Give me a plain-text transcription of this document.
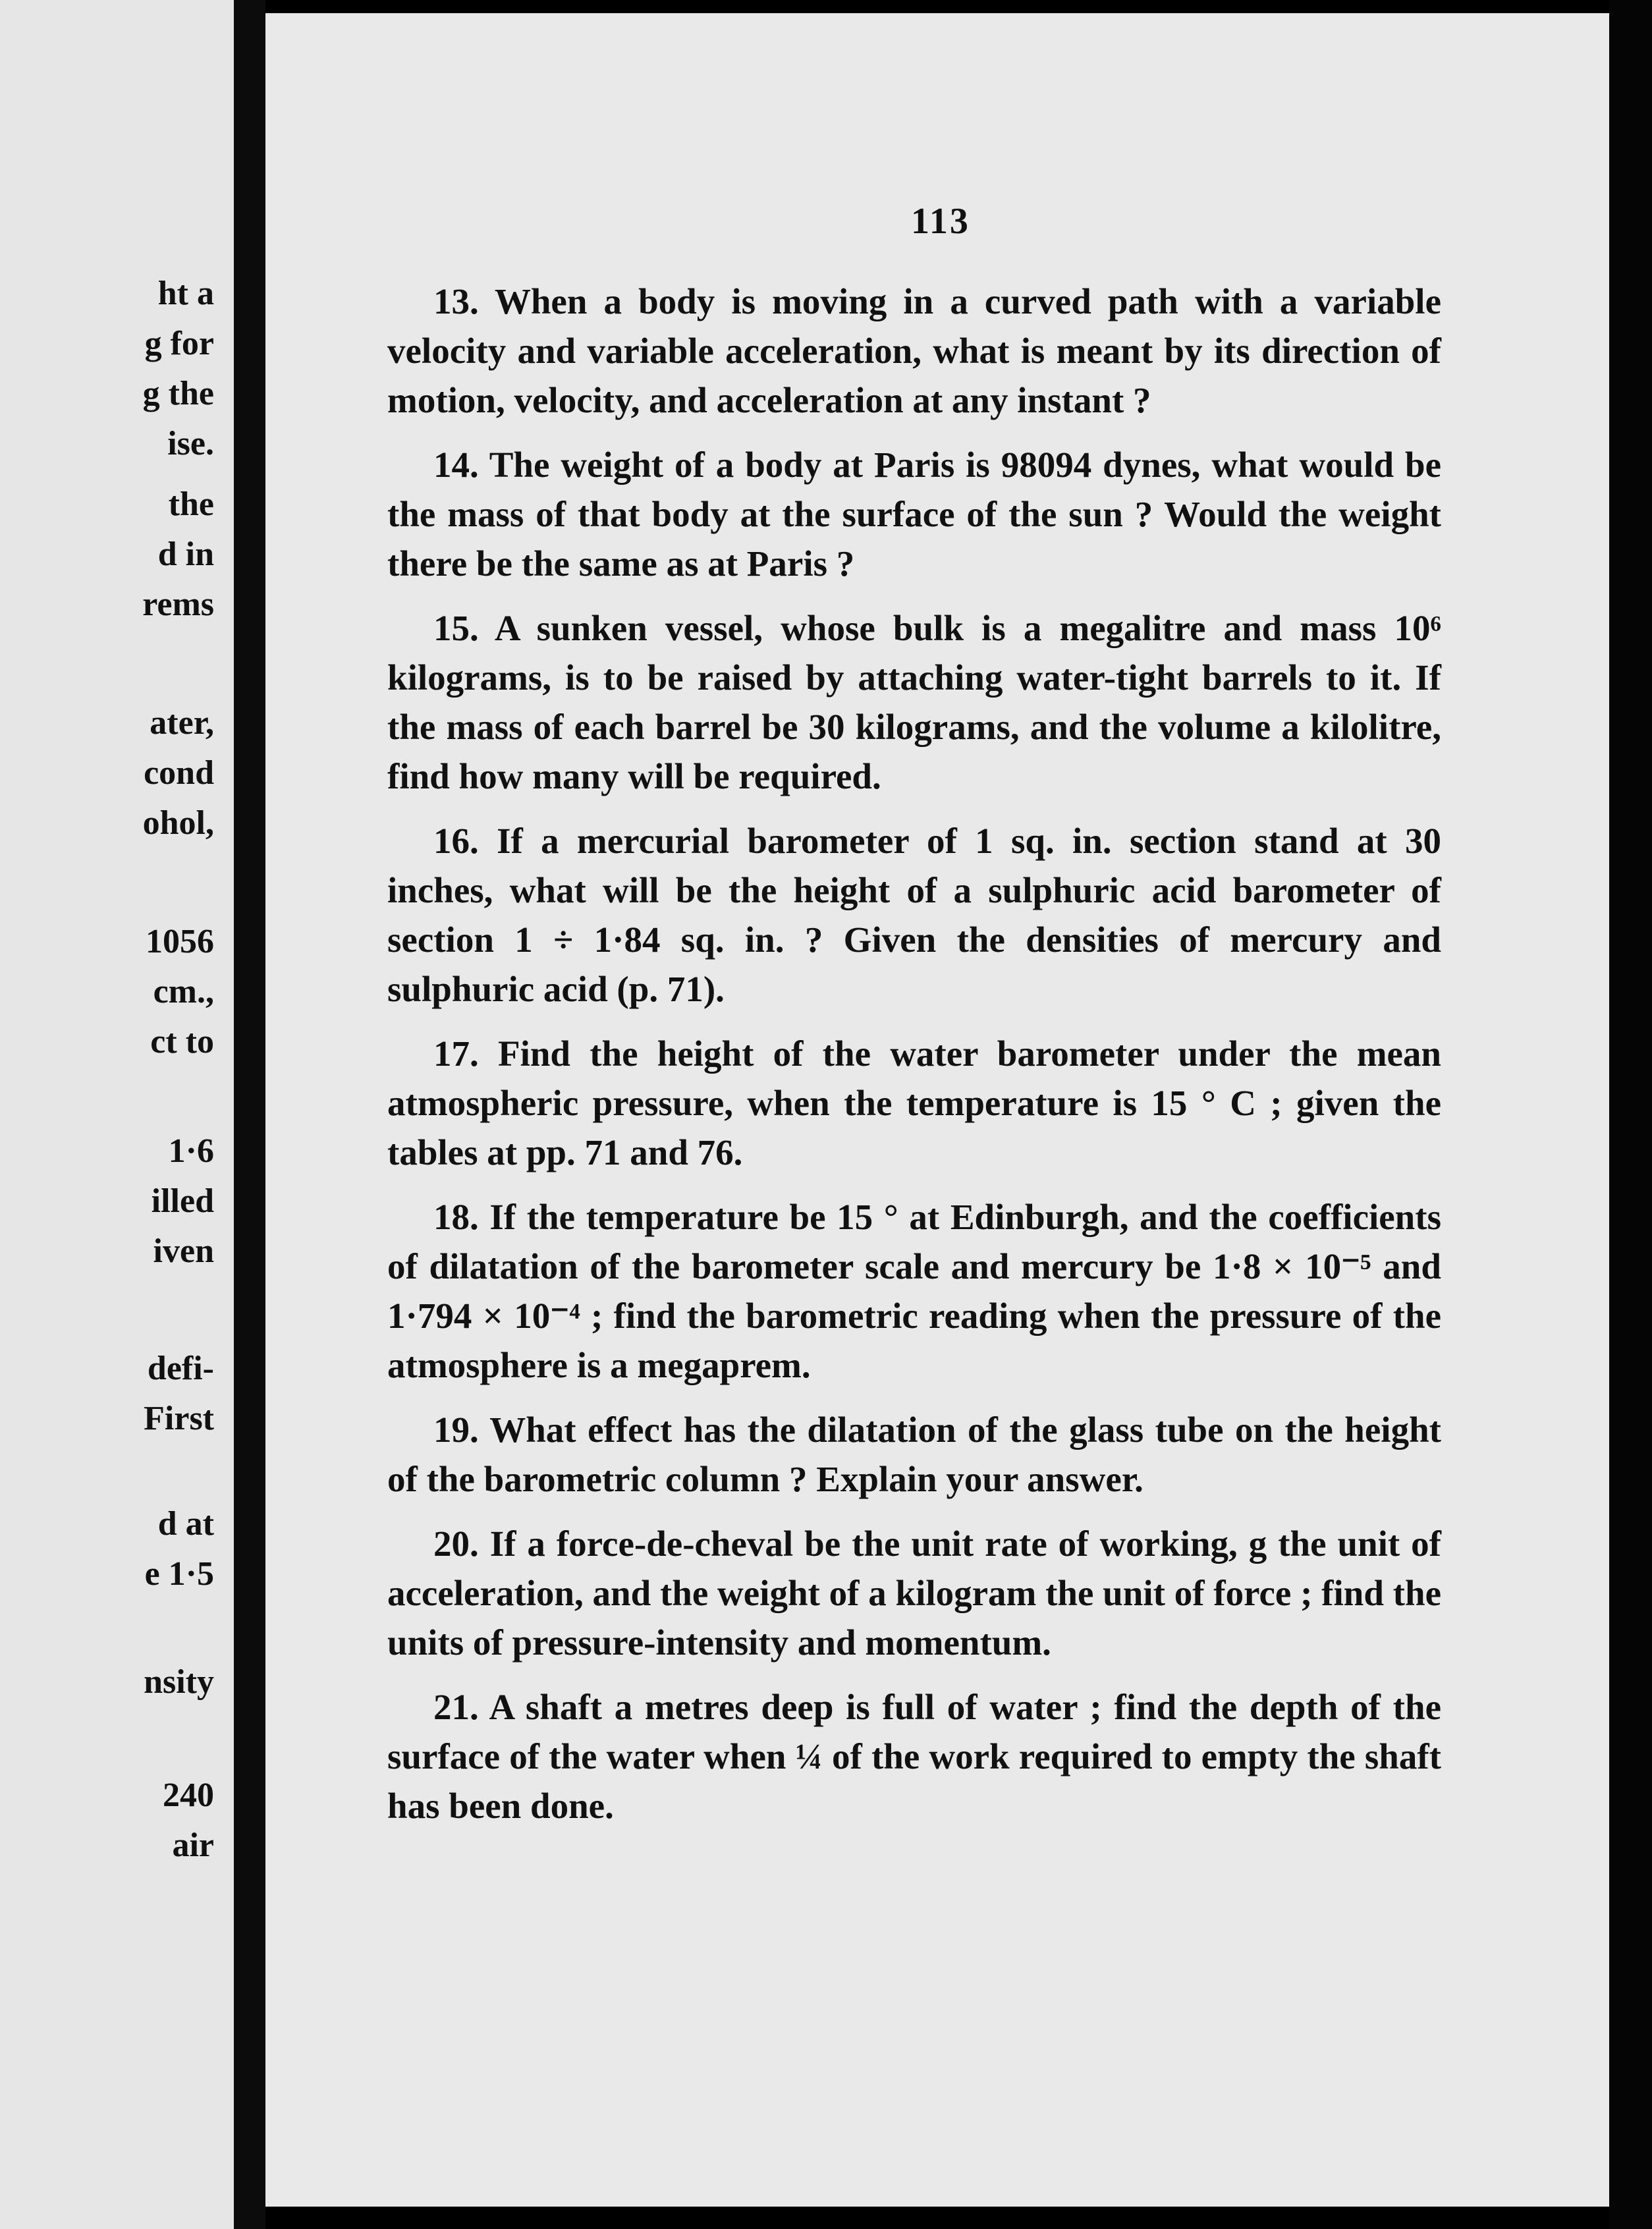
ht a
g for
g the
ise.
the
d in
rems
ater,
cond
ohol,
1056
cm.,
ct to
1·6
illed
iven
defi-
First
d at
e 1·5
nsity
240
air
113

13. When a body is moving in a curved path with a variable velocity and variable acceleration, what is meant by its direction of motion, velocity, and acceleration at any instant ?

14. The weight of a body at Paris is 98094 dynes, what would be the mass of that body at the surface of the sun ? Would the weight there be the same as at Paris ?

15. A sunken vessel, whose bulk is a megalitre and mass 10⁶ kilograms, is to be raised by attaching water-tight barrels to it. If the mass of each barrel be 30 kilograms, and the volume a kilolitre, find how many will be required.

16. If a mercurial barometer of 1 sq. in. section stand at 30 inches, what will be the height of a sulphuric acid barometer of section 1 ÷ 1·84 sq. in. ? Given the densities of mercury and sulphuric acid (p. 71).

17. Find the height of the water barometer under the mean atmospheric pressure, when the temperature is 15 ° C ; given the tables at pp. 71 and 76.

18. If the temperature be 15 ° at Edinburgh, and the coefficients of dilatation of the barometer scale and mercury be 1·8 × 10⁻⁵ and 1·794 × 10⁻⁴ ; find the barometric reading when the pressure of the atmosphere is a megaprem.

19. What effect has the dilatation of the glass tube on the height of the barometric column ? Explain your answer.

20. If a force-de-cheval be the unit rate of working, g the unit of acceleration, and the weight of a kilogram the unit of force ; find the units of pressure-intensity and momentum.

21. A shaft a metres deep is full of water ; find the depth of the surface of the water when ¼ of the work required to empty the shaft has been done.
